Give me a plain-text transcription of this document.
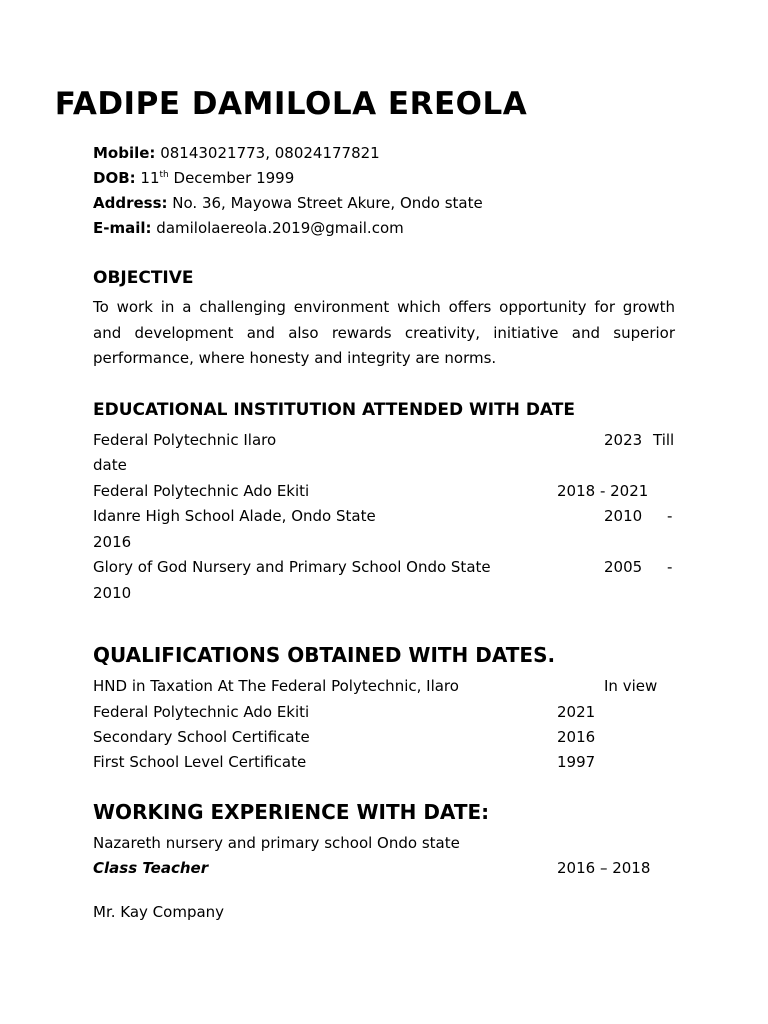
FADIPE DAMILOLA EREOLA
Mobile: 08143021773, 08024177821
DOB: 11th December 1999
Address: No. 36, Mayowa Street Akure, Ondo state
E-mail: damilolaereola.2019@gmail.com
OBJECTIVE
To work in a challenging environment which offers opportunity for growth and development and also rewards creativity, initiative and superior performance, where honesty and integrity are norms.
EDUCATIONAL INSTITUTION ATTENDED WITH DATE
Federal Polytechnic Ilaro	2023 Till
date
Federal Polytechnic Ado Ekiti	2018 - 2021
Idanre High School Alade, Ondo State	2010 -
2016
Glory of God Nursery and Primary School Ondo State	2005 -
2010
QUALIFICATIONS OBTAINED WITH DATES.
HND in Taxation At The Federal Polytechnic, Ilaro	In view
Federal Polytechnic Ado Ekiti	2021
Secondary School Certificate	2016
First School Level Certificate	1997
WORKING EXPERIENCE WITH DATE:
Nazareth nursery and primary school Ondo state
Class Teacher	2016 – 2018
Mr. Kay Company
